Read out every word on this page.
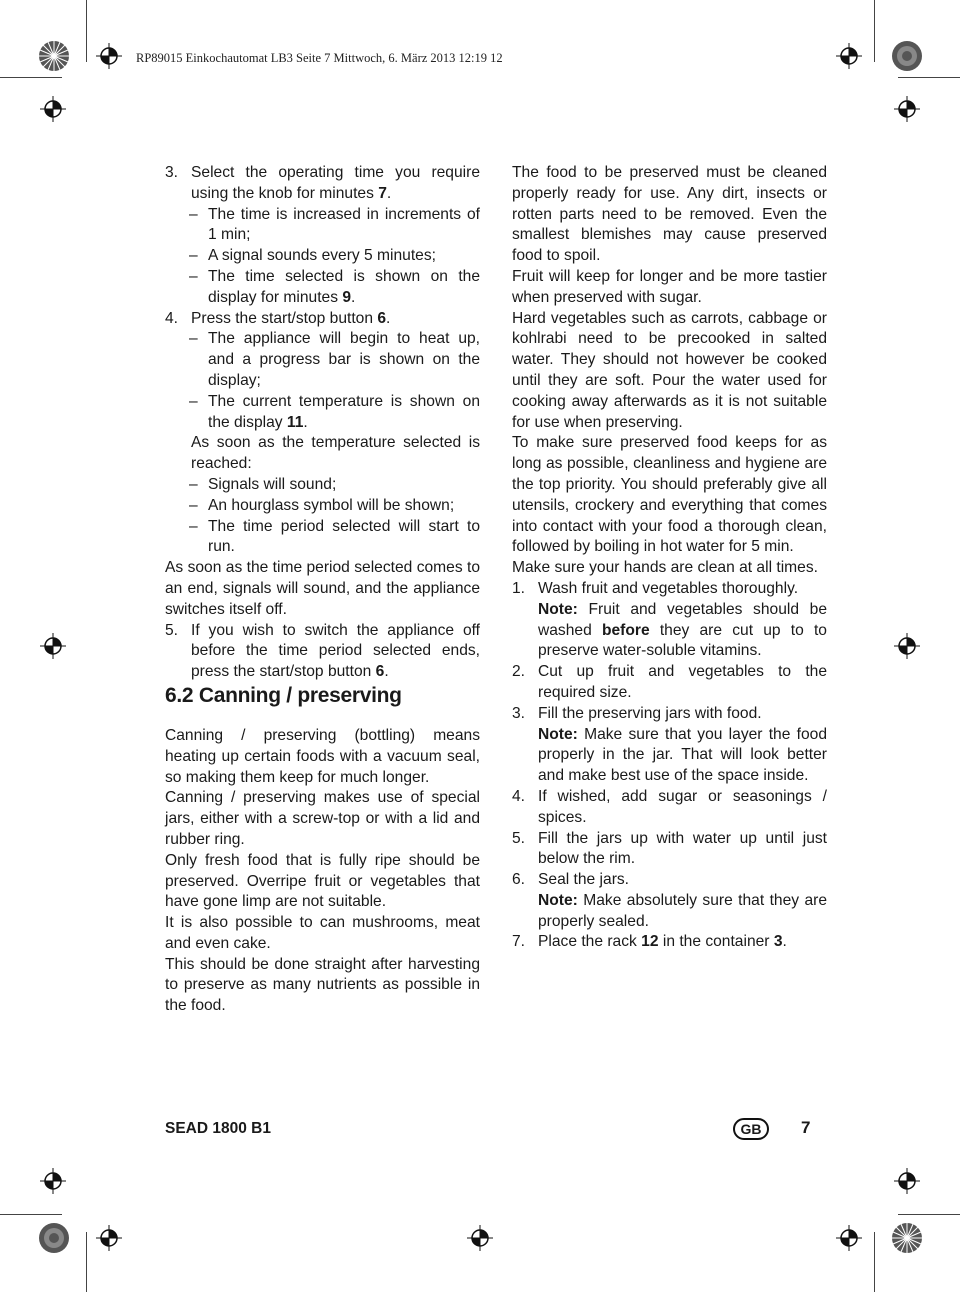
RP89015 Einkochautomat LB3 Seite 7 Mittwoch, 6. März 2013 12:19 12

3. Select the operating time you require using the knob for minutes 7.

– The time is increased in increments of 1 min;

– A signal sounds every 5 minutes;

– The time selected is shown on the display for minutes 9.

4. Press the start/stop button 6.

– The appliance will begin to heat up, and a progress bar is shown on the display;

– The current temperature is shown on the display 11.

As soon as the temperature selected is reached:

– Signals will sound;

– An hourglass symbol will be shown;

– The time period selected will start to run.

As soon as the time period selected comes to an end, signals will sound, and the appliance switches itself off.

5. If you wish to switch the appliance off before the time period selected ends, press the start/stop button 6.

6.2 Canning / preserving

Canning / preserving (bottling) means heating up certain foods with a vacuum seal, so making them keep for much longer.

Canning / preserving makes use of special jars, either with a screw-top or with a lid and rubber ring.

Only fresh food that is fully ripe should be preserved. Overripe fruit or vegetables that have gone limp are not suitable.

It is also possible to can mushrooms, meat and even cake.

This should be done straight after harvesting to preserve as many nutrients as possible in the food.

The food to be preserved must be cleaned properly ready for use. Any dirt, insects or rotten parts need to be removed. Even the smallest blemishes may cause preserved food to spoil.

Fruit will keep for longer and be more tastier when preserved with sugar.

Hard vegetables such as carrots, cabbage or kohlrabi need to be precooked in salted water. They should not however be cooked until they are soft. Pour the water used for cooking away afterwards as it is not suitable for use when preserving.

To make sure preserved food keeps for as long as possible, cleanliness and hygiene are the top priority. You should preferably give all utensils, crockery and everything that comes into contact with your food a thorough clean, followed by boiling in hot water for 5 min.

Make sure your hands are clean at all times.

1. Wash fruit and vegetables thoroughly.

Note: Fruit and vegetables should be washed before they are cut up to to preserve water-soluble vitamins.

2. Cut up fruit and vegetables to the required size.

3. Fill the preserving jars with food.

Note: Make sure that you layer the food properly in the jar. That will look better and make best use of the space inside.

4. If wished, add sugar or seasonings / spices.

5. Fill the jars up with water up until just below the rim.

6. Seal the jars.

Note: Make absolutely sure that they are properly sealed.

7. Place the rack 12 in the container 3.

SEAD 1800 B1	GB	7
